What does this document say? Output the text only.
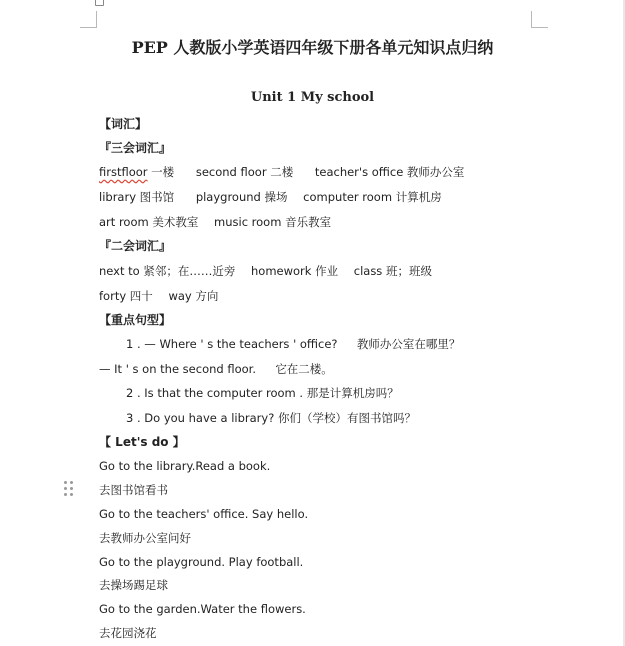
PEP 人教版小学英语四年级下册各单元知识点归纳
Unit 1 My school
【词汇】
『三会词汇』
firstfloor 一楼 second floor 二楼 teacher's office 教师办公室
library 图书馆 playground 操场 computer room 计算机房
art room 美术教室 music room 音乐教室
『二会词汇』
next to 紧邻；在……近旁 homework 作业 class 班；班级
forty 四十 way 方向
【重点句型】
1 . — Where ' s the teachers ' office? 教师办公室在哪里？
— It ' s on the second floor. 它在二楼。
2 . Is that the computer room . 那是计算机房吗？
3 . Do you have a library? 你们（学校）有图书馆吗？
【 Let's do 】
Go to the library.Read a book.
去图书馆看书
Go to the teachers' office. Say hello.
去教师办公室问好
Go to the playground. Play football.
去操场踢足球
Go to the garden.Water the flowers.
去花园浇花
